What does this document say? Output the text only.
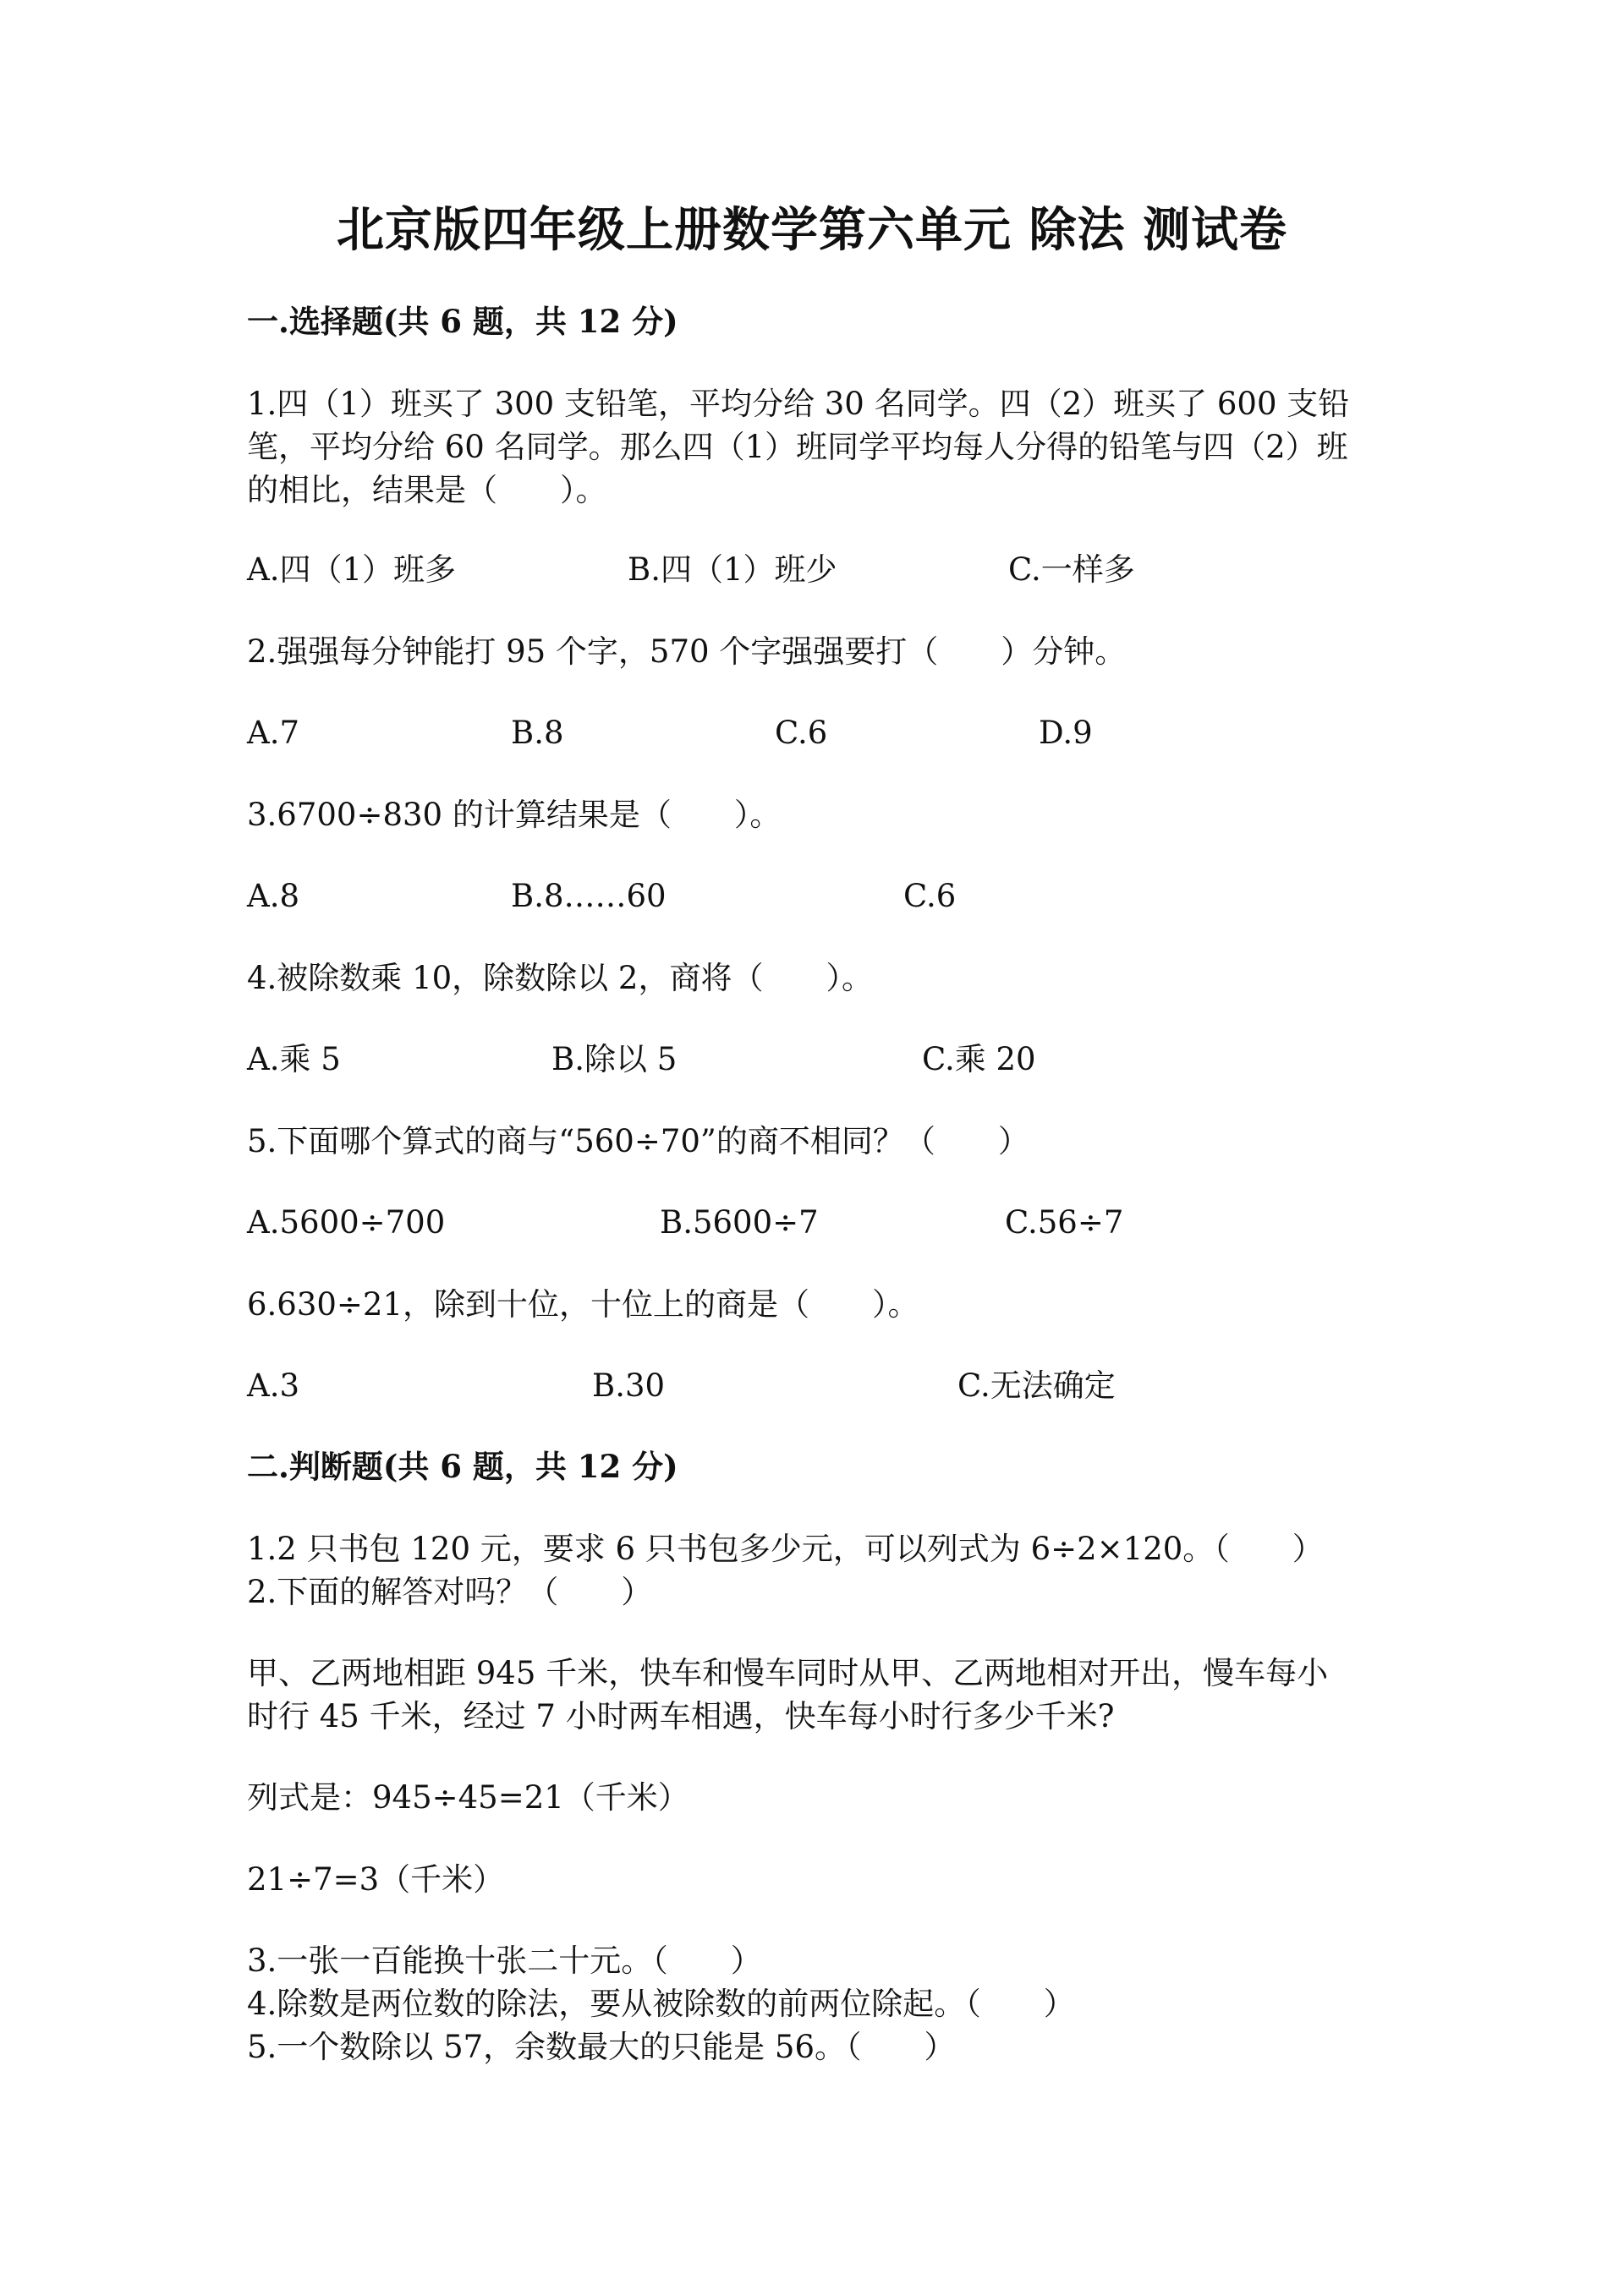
北京版四年级上册数学第六单元 除法 测试卷
一.选择题(共 6 题，共 12 分)
1.四（1）班买了 300 支铅笔，平均分给 30 名同学。四（2）班买了 600 支铅
笔，平均分给 60 名同学。那么四（1）班同学平均每人分得的铅笔与四（2）班
的相比，结果是（　　）。
A.四（1）班多	B.四（1）班少	C.一样多
2.强强每分钟能打 95 个字，570 个字强强要打（　　）分钟。
A.7	B.8	C.6	D.9
3.6700÷830 的计算结果是（　　）。
A.8	B.8……60	C.6
4.被除数乘 10，除数除以 2，商将（　　）。
A.乘 5	B.除以 5	C.乘 20
5.下面哪个算式的商与“560÷70”的商不相同？（　　）
A.5600÷700	B.5600÷7	C.56÷7
6.630÷21，除到十位，十位上的商是（　　）。
A.3	B.30	C.无法确定
二.判断题(共 6 题，共 12 分)
1.2 只书包 120 元，要求 6 只书包多少元，可以列式为 6÷2×120。（　　）
2.下面的解答对吗？（　　）
甲、乙两地相距 945 千米，快车和慢车同时从甲、乙两地相对开出，慢车每小
时行 45 千米，经过 7 小时两车相遇，快车每小时行多少千米?
列式是：945÷45=21（千米）
21÷7=3（千米）
3.一张一百能换十张二十元。（　　）
4.除数是两位数的除法，要从被除数的前两位除起。（　　）
5.一个数除以 57，余数最大的只能是 56。（　　）
